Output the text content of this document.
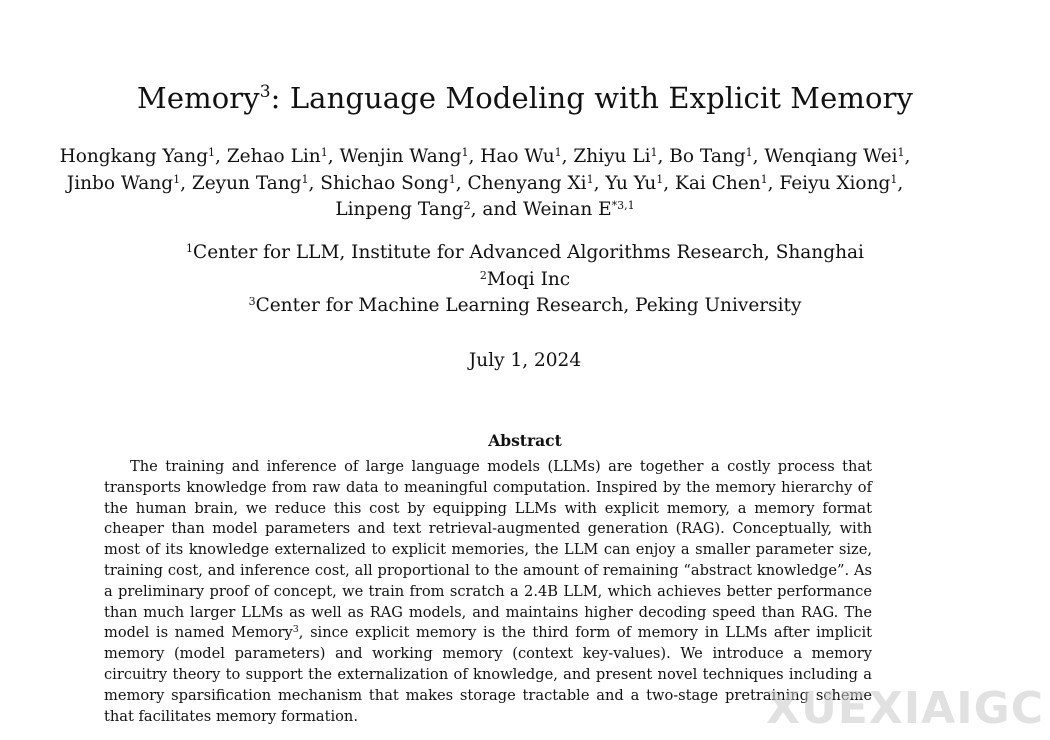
Memory$^3$: Language Modeling with Explicit Memory
Hongkang Yang$^1$, Zehao Lin$^1$, Wenjin Wang$^1$, Hao Wu$^1$, Zhiyu Li$^1$, Bo Tang$^1$, Wenqiang Wei$^1$, Jinbo Wang$^1$, Zeyun Tang$^1$, Shichao Song$^1$, Chenyang Xi$^1$, Yu Yu$^1$, Kai Chen$^1$, Feiyu Xiong$^1$, Linpeng Tang$^2$, and Weinan E$^{*3,1}$
$^1$Center for LLM, Institute for Advanced Algorithms Research, Shanghai
$^2$Moqi Inc
$^3$Center for Machine Learning Research, Peking University
July 1, 2024
Abstract
The training and inference of large language models (LLMs) are together a costly process that transports knowledge from raw data to meaningful computation. Inspired by the memory hierarchy of the human brain, we reduce this cost by equipping LLMs with explicit memory, a memory format cheaper than model parameters and text retrieval-augmented generation (RAG). Conceptually, with most of its knowledge externalized to explicit memories, the LLM can enjoy a smaller parameter size, training cost, and inference cost, all proportional to the amount of remaining “abstract knowledge”. As a preliminary proof of concept, we train from scratch a 2.4B LLM, which achieves better performance than much larger LLMs as well as RAG models, and maintains higher decoding speed than RAG. The model is named Memory$^3$, since explicit memory is the third form of memory in LLMs after implicit memory (model parameters) and working memory (context key-values). We introduce a memory circuitry theory to support the externalization of knowledge, and present novel techniques including a memory sparsification mechanism that makes storage tractable and a two-stage pretraining scheme that facilitates memory formation.	XUEXIAIGC
